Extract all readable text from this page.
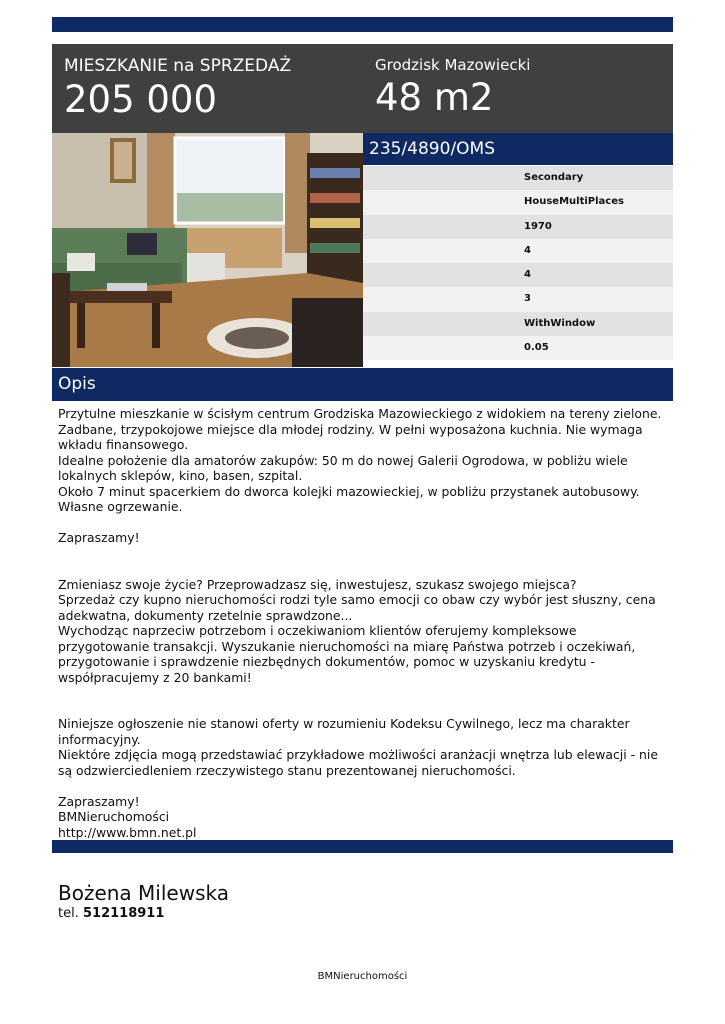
MIESZKANIE na SPRZEDAŻ
205 000
Grodzisk Mazowiecki
48 m2
235/4890/OMS
Secondary
HouseMultiPlaces
1970
4
4
3
WithWindow
0.05
Opis
Przytulne mieszkanie w ścisłym centrum Grodziska Mazowieckiego z widokiem na tereny zielone. Zadbane, trzypokojowe miejsce dla młodej rodziny. W pełni wyposażona kuchnia. Nie wymaga wkładu finansowego.
Idealne położenie dla amatorów zakupów: 50 m do nowej Galerii Ogrodowa, w pobliżu wiele lokalnych sklepów, kino, basen, szpital.
Około 7 minut spacerkiem do dworca kolejki mazowieckiej, w pobliżu przystanek autobusowy. Własne ogrzewanie.

Zapraszamy!

Zmieniasz swoje życie? Przeprowadzasz się, inwestujesz, szukasz swojego miejsca?
Sprzedaż czy kupno nieruchomości rodzi tyle samo emocji co obaw czy wybór jest słuszny, cena adekwatna, dokumenty rzetelnie sprawdzone...
Wychodząc naprzeciw potrzebom i oczekiwaniom klientów oferujemy kompleksowe przygotowanie transakcji. Wyszukanie nieruchomości na miarę Państwa potrzeb i oczekiwań, przygotowanie i sprawdzenie niezbędnych dokumentów, pomoc w uzyskaniu kredytu - współpracujemy z 20 bankami!

Niniejsze ogłoszenie nie stanowi oferty w rozumieniu Kodeksu Cywilnego, lecz ma charakter informacyjny.
Niektóre zdjęcia mogą przedstawiać przykładowe możliwości aranżacji wnętrza lub elewacji - nie są odzwierciedleniem rzeczywistego stanu prezentowanej nieruchomości.

Zapraszamy!
BMNieruchomości
http://www.bmn.net.pl
Bożena Milewska
tel. 512118911
BMNieruchomości
